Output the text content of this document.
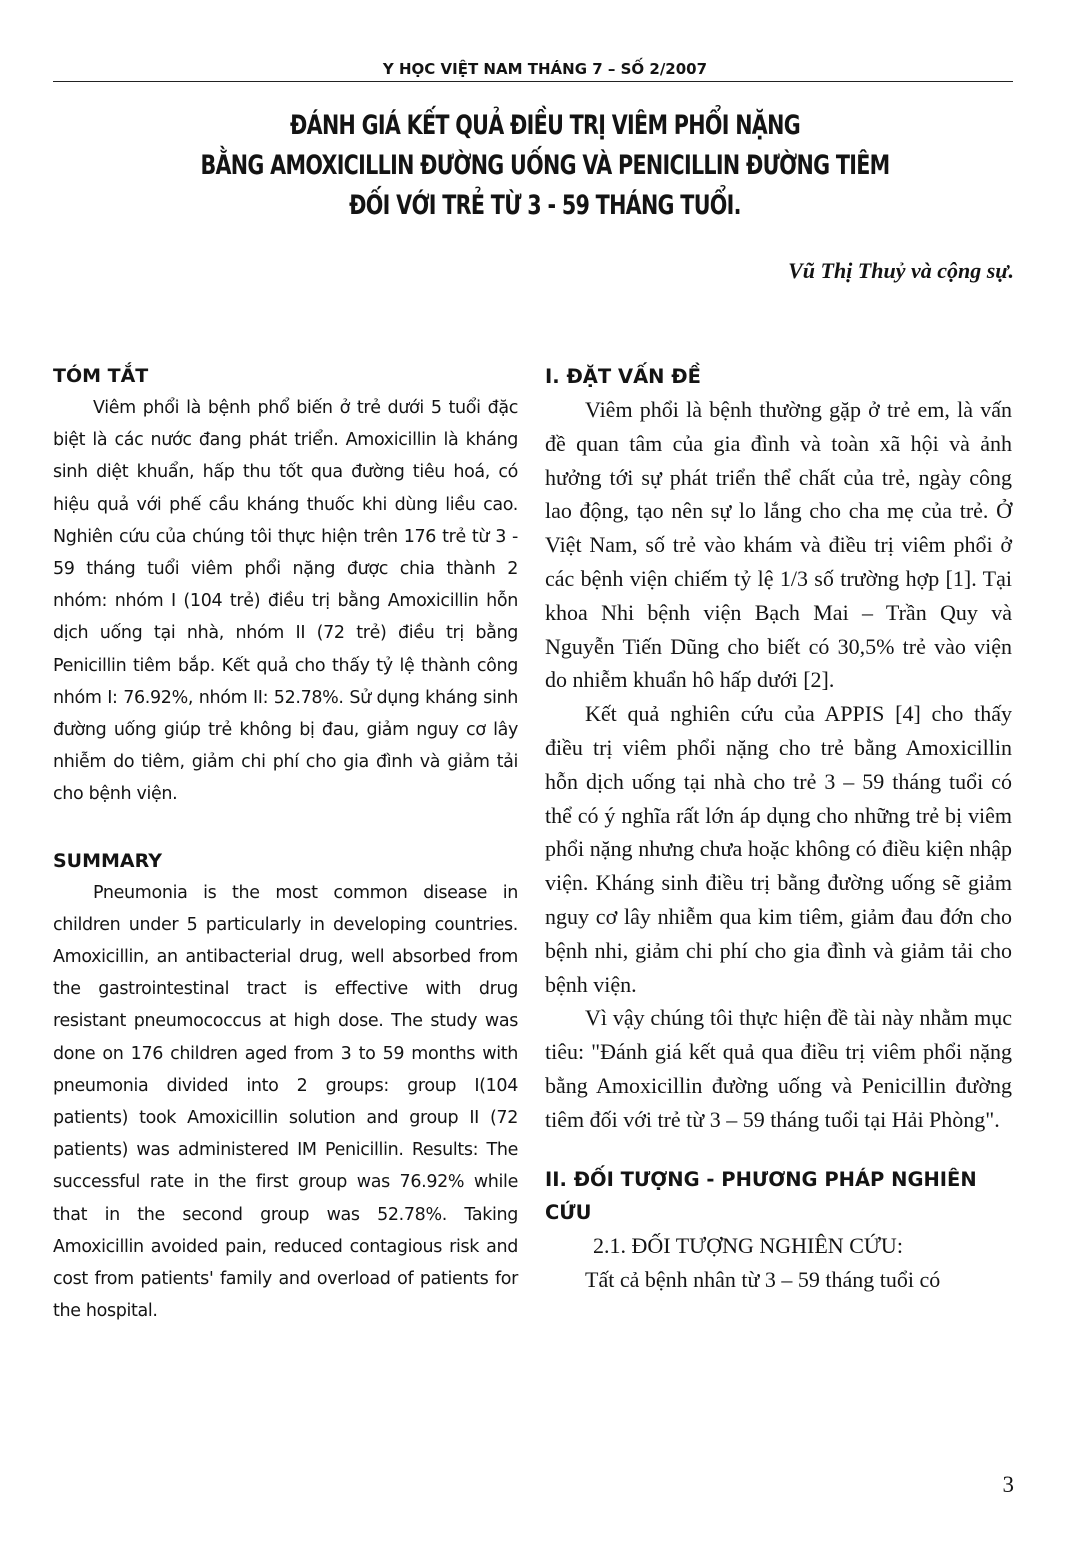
Y HỌC VIỆT NAM THÁNG 7 – SỐ 2/2007
ĐÁNH GIÁ KẾT QUẢ ĐIỀU TRỊ VIÊM PHỔI NẶNG
BẰNG AMOXICILLIN ĐƯỜNG UỐNG VÀ PENICILLIN ĐƯỜNG TIÊM
ĐỐI VỚI TRẺ TỪ 3 - 59 THÁNG TUỔI.
Vũ Thị Thuỷ và cộng sự.
TÓM TẮT

Viêm phổi là bệnh phổ biến ở trẻ dưới 5 tuổi đặc biệt là các nước đang phát triển. Amoxicillin là kháng sinh diệt khuẩn, hấp thu tốt qua đường tiêu hoá, có hiệu quả với phế cầu kháng thuốc khi dùng liều cao. Nghiên cứu của chúng tôi thực hiện trên 176 trẻ từ 3 - 59 tháng tuổi viêm phổi nặng được chia thành 2 nhóm: nhóm I (104 trẻ) điều trị bằng Amoxicillin hỗn dịch uống tại nhà, nhóm II (72 trẻ) điều trị bằng Penicillin tiêm bắp. Kết quả cho thấy tỷ lệ thành công nhóm I: 76.92%, nhóm II: 52.78%. Sử dụng kháng sinh đường uống giúp trẻ không bị đau, giảm nguy cơ lây nhiễm do tiêm, giảm chi phí cho gia đình và giảm tải cho bệnh viện.

SUMMARY

Pneumonia is the most common disease in children under 5 particularly in developing countries. Amoxicillin, an antibacterial drug, well absorbed from the gastrointestinal tract is effective with drug resistant pneumococcus at high dose. The study was done on 176 children aged from 3 to 59 months with pneumonia divided into 2 groups: group I(104 patients) took Amoxicillin solution and group II (72 patients) was administered IM Penicillin. Results: The successful rate in the first group was 76.92% while that in the second group was 52.78%. Taking Amoxicillin avoided pain, reduced contagious risk and cost from patients' family and overload of patients for the hospital.

I. ĐẶT VẤN ĐỀ

Viêm phổi là bệnh thường gặp ở trẻ em, là vấn đề quan tâm của gia đình và toàn xã hội và ảnh hưởng tới sự phát triển thể chất của trẻ, ngày công lao động, tạo nên sự lo lắng cho cha mẹ của trẻ. Ở Việt Nam, số trẻ vào khám và điều trị viêm phổi ở các bệnh viện chiếm tỷ lệ 1/3 số trường hợp [1]. Tại khoa Nhi bệnh viện Bạch Mai – Trần Quy và Nguyễn Tiến Dũng cho biết có 30,5% trẻ vào viện do nhiễm khuẩn hô hấp dưới [2].

Kết quả nghiên cứu của APPIS [4] cho thấy điều trị viêm phổi nặng cho trẻ bằng Amoxicillin hỗn dịch uống tại nhà cho trẻ 3 – 59 tháng tuổi có thể có ý nghĩa rất lớn áp dụng cho những trẻ bị viêm phổi nặng nhưng chưa hoặc không có điều kiện nhập viện. Kháng sinh điều trị bằng đường uống sẽ giảm nguy cơ lây nhiễm qua kim tiêm, giảm đau đớn cho bệnh nhi, giảm chi phí cho gia đình và giảm tải cho bệnh viện.

Vì vậy chúng tôi thực hiện đề tài này nhằm mục tiêu: "Đánh giá kết quả qua điều trị viêm phổi nặng bằng Amoxicillin đường uống và Penicillin đường tiêm đối với trẻ từ 3 – 59 tháng tuổi tại Hải Phòng".

II. ĐỐI TƯỢNG - PHƯƠNG PHÁP NGHIÊN CỨU

2.1. ĐỐI TƯỢNG NGHIÊN CỨU:

Tất cả bệnh nhân từ 3 – 59 tháng tuổi có

3
